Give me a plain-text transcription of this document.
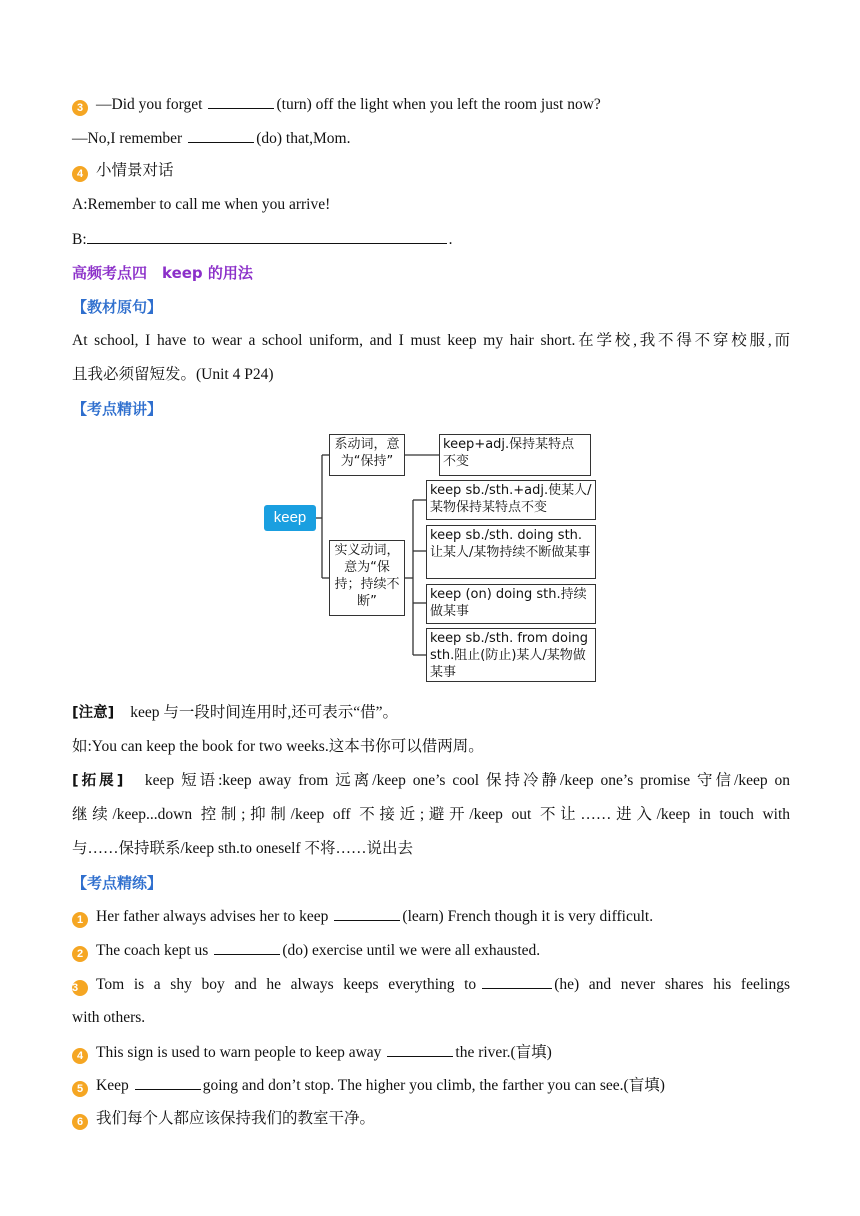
3 —Did you forget	(turn) off the light when you left the room just now?
—No,I remember	(do) that,Mom.
4 小情景对话
A:Remember to call me when you arrive!
B:	.
高频考点四　keep 的用法
【教材原句】
At school, I have to wear a school uniform, and I must keep my hair short.在学校,我不得不穿校服,而
且我必须留短发。(Unit 4 P24)
【考点精讲】
keep
系动词，意为“保持”
keep+adj.保持某特点不变
实义动词，意为“保持；持续不断”
keep sb./sth.+adj.使某人/某物保持某特点不变
keep sb./sth. doing sth.让某人/某物持续不断做某事
keep (on) doing sth.持续做某事
keep sb./sth. from doing sth.阻止(防止)某人/某物做某事
[注意] keep 与一段时间连用时,还可表示“借”。
如:You can keep the book for two weeks.这本书你可以借两周。
[拓展]　 keep 短语:keep away from 远离/keep one’s cool 保持冷静/keep one’s promise 守信/keep on
继续/keep...down 控制;抑制/keep off 不接近;避开/keep out 不让……进入/keep in touch with
与……保持联系/keep sth.to oneself 不将……说出去
【考点精练】
1 Her father always advises her to keep	(learn) French though it is very difficult.
2 The coach kept us	(do) exercise until we were all exhausted.
3 Tom is a shy boy and he always keeps everything to	(he) and never shares his feelings
with others.
4 This sign is used to warn people to keep away	the river.(盲填)
5 Keep	going and don’t stop. The higher you climb, the farther you can see.(盲填)
6 我们每个人都应该保持我们的教室干净。
